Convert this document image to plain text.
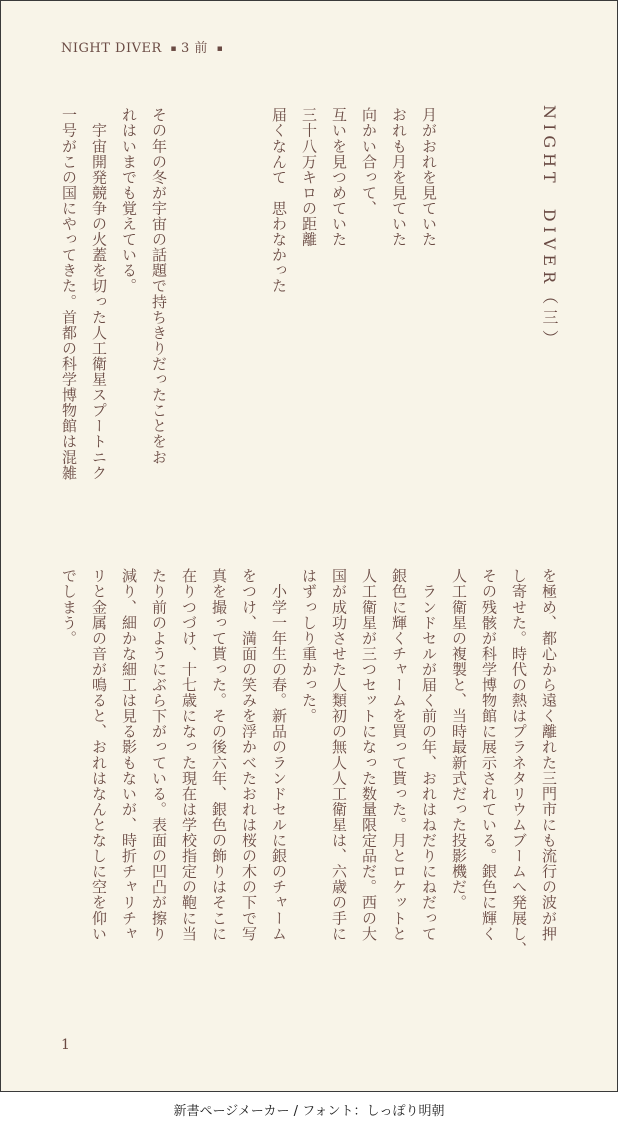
NIGHT DIVER ▪ 3 前 ▪
NIGHT　DIVER（三）
月がおれを見ていた
おれも月を見ていた
向かい合って、
互いを見つめていた
三十八万キロの距離
届くなんて　思わなかった
その年の冬が宇宙の話題で持ちきりだったことをお
れはいまでも覚えている。
　宇宙開発競争の火蓋を切った人工衛星スプートニク
一号がこの国にやってきた。首都の科学博物館は混雑
を極め、都心から遠く離れた三門市にも流行の波が押
し寄せた。時代の熱はプラネタリウムブームへ発展し、
その残骸が科学博物館に展示されている。銀色に輝く
人工衛星の複製と、当時最新式だった投影機だ。
　ランドセルが届く前の年、おれはねだりにねだって
銀色に輝くチャームを買って貰った。月とロケットと
人工衛星が三つセットになった数量限定品だ。西の大
国が成功させた人類初の無人人工衛星は、六歳の手に
はずっしり重かった。
　小学一年生の春。新品のランドセルに銀のチャーム
をつけ、満面の笑みを浮かべたおれは桜の木の下で写
真を撮って貰った。その後六年、銀色の飾りはそこに
在りつづけ、十七歳になった現在は学校指定の鞄に当
たり前のようにぶら下がっている。表面の凹凸が擦り
減り、細かな細工は見る影もないが、時折チャリチャ
リと金属の音が鳴ると、おれはなんとなしに空を仰い
でしまう。
1
新書ページメーカー / フォント：しっぽり明朝
